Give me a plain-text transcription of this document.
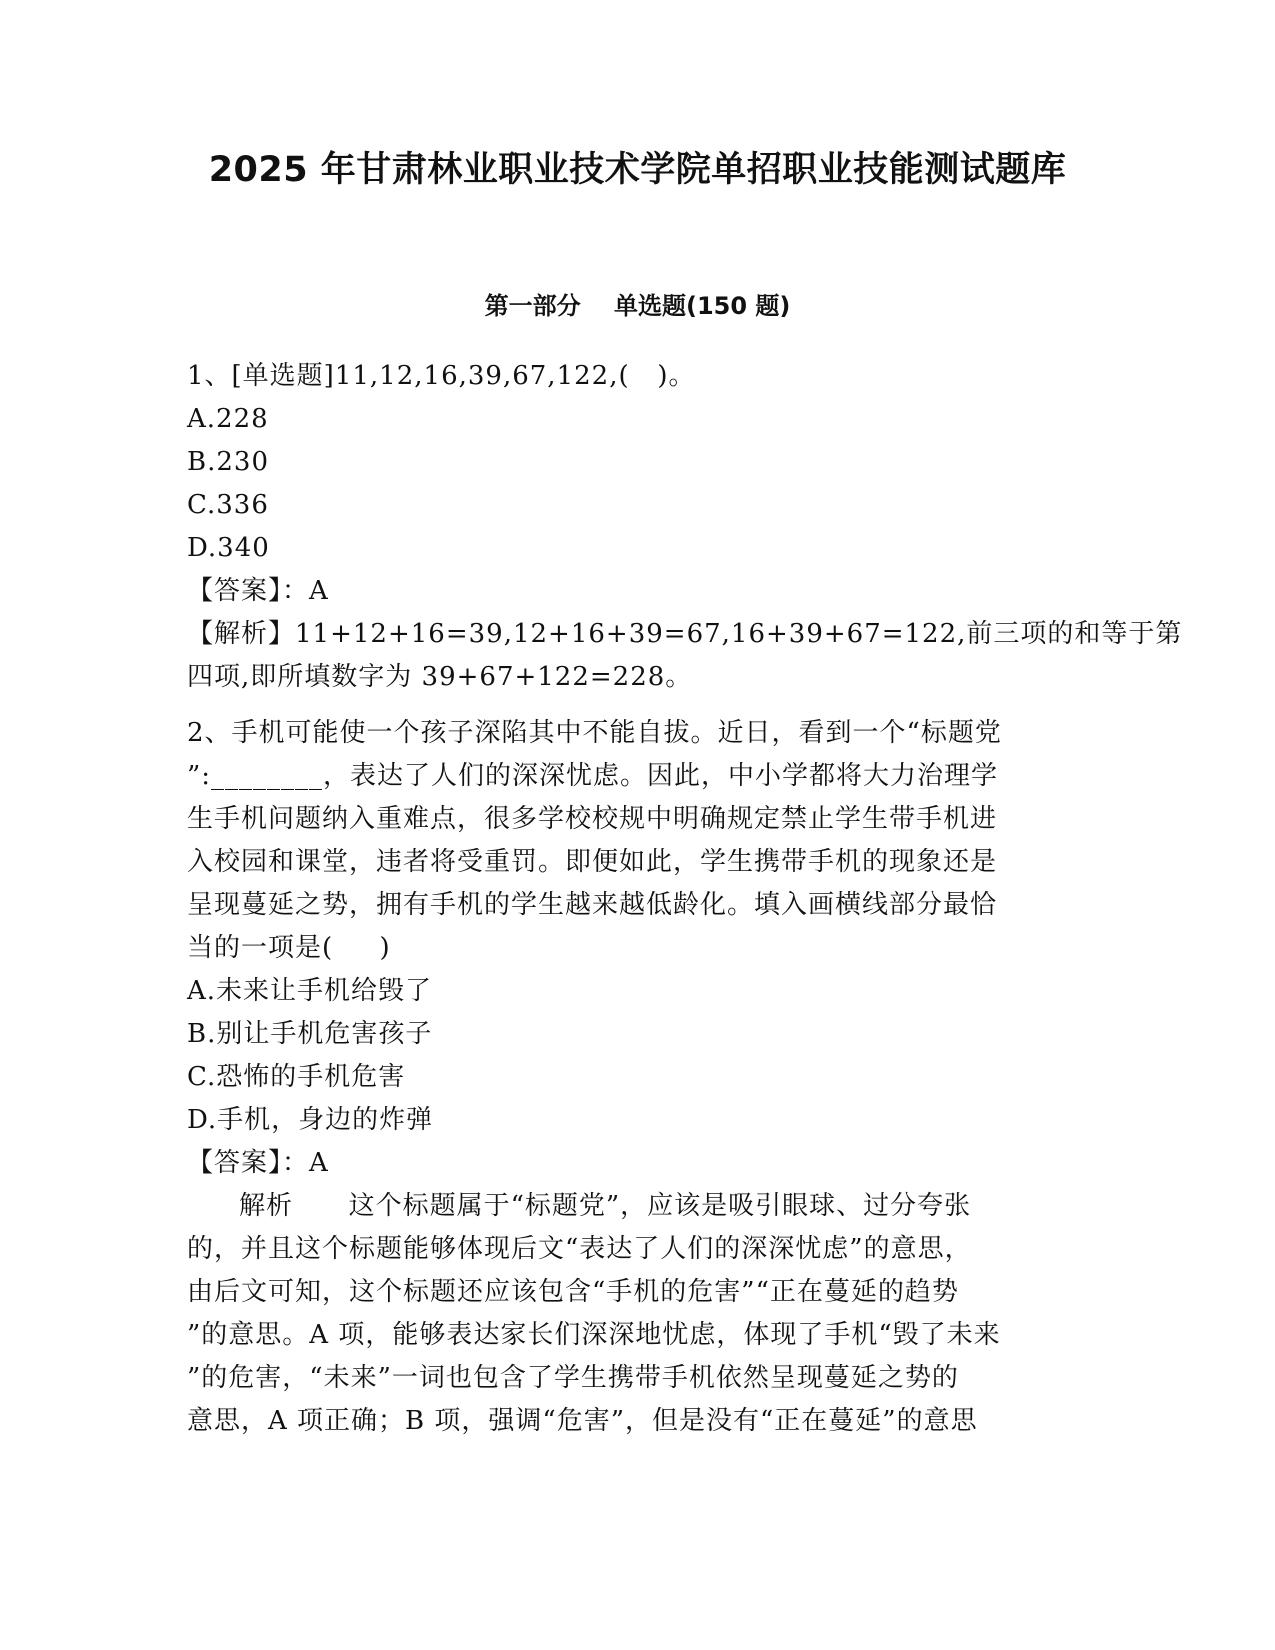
2025 年甘肃林业职业技术学院单招职业技能测试题库
第一部分    单选题(150 题)
1、[单选题]11,12,16,39,67,122,(   )。
A.228
B.230
C.336
D.340
【答案】：A
【解析】11+12+16=39,12+16+39=67,16+39+67=122,前三项的和等于第
四项,即所填数字为 39+67+122=228。
2、手机可能使一个孩子深陷其中不能自拔。近日，看到一个“标题党
”:________，表达了人们的深深忧虑。因此，中小学都将大力治理学
生手机问题纳入重难点，很多学校校规中明确规定禁止学生带手机进
入校园和课堂，违者将受重罚。即便如此，学生携带手机的现象还是
呈现蔓延之势，拥有手机的学生越来越低龄化。填入画横线部分最恰
当的一项是(     )
A.未来让手机给毁了
B.别让手机危害孩子
C.恐怖的手机危害
D.手机，身边的炸弹
【答案】：A
解析      这个标题属于“标题党”，应该是吸引眼球、过分夸张
的，并且这个标题能够体现后文“表达了人们的深深忧虑”的意思，
由后文可知，这个标题还应该包含“手机的危害”“正在蔓延的趋势
”的意思。A 项，能够表达家长们深深地忧虑，体现了手机“毁了未来
”的危害，“未来”一词也包含了学生携带手机依然呈现蔓延之势的
意思，A 项正确；B 项，强调“危害”，但是没有“正在蔓延”的意思
